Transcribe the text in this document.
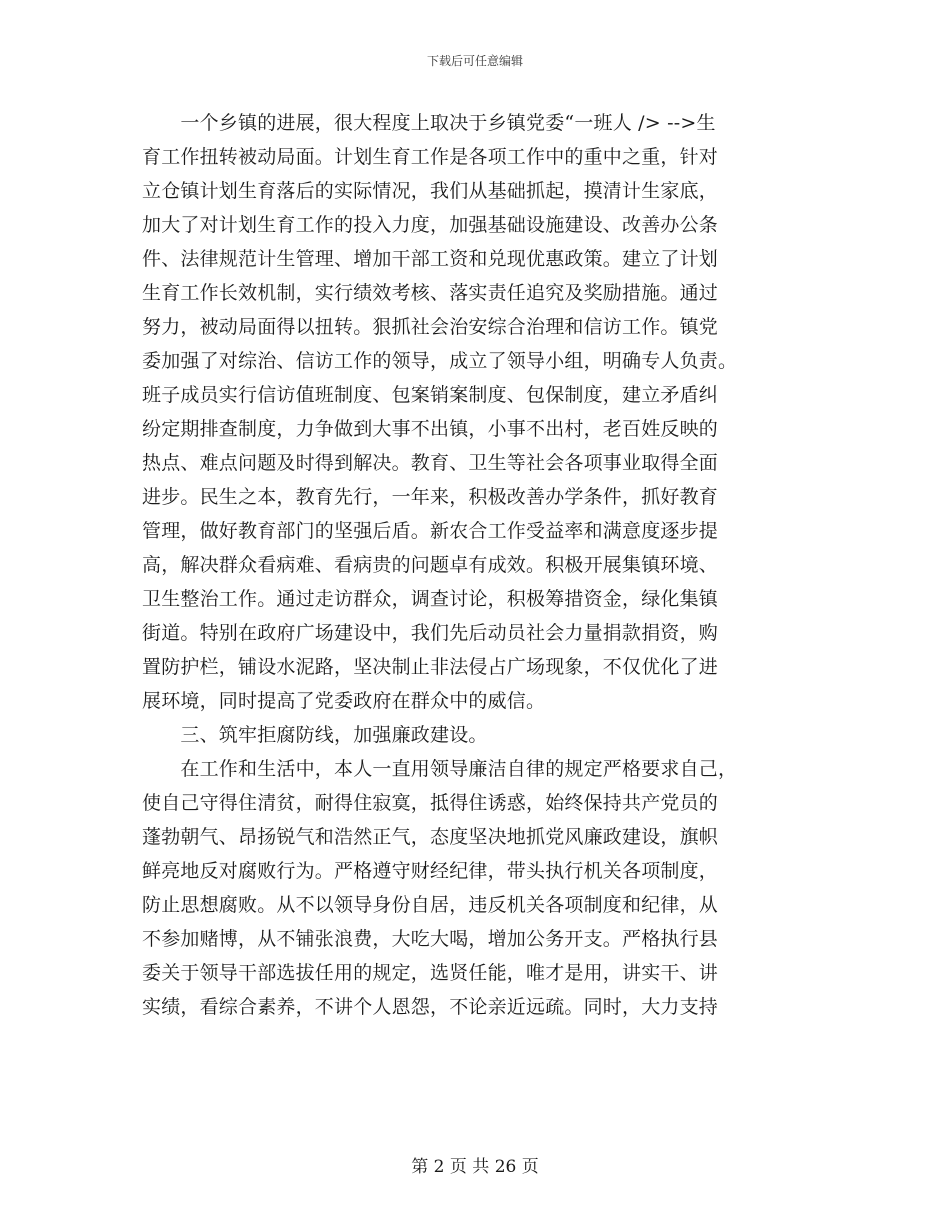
下载后可任意编辑
　　一个乡镇的进展，很大程度上取决于乡镇党委“一班人 /> -->生
育工作扭转被动局面。计划生育工作是各项工作中的重中之重，针对
立仓镇计划生育落后的实际情况，我们从基础抓起，摸清计生家底，
加大了对计划生育工作的投入力度，加强基础设施建设、改善办公条
件、法律规范计生管理、增加干部工资和兑现优惠政策。建立了计划
生育工作长效机制，实行绩效考核、落实责任追究及奖励措施。通过
努力，被动局面得以扭转。狠抓社会治安综合治理和信访工作。镇党
委加强了对综治、信访工作的领导，成立了领导小组，明确专人负责。
班子成员实行信访值班制度、包案销案制度、包保制度，建立矛盾纠
纷定期排查制度，力争做到大事不出镇，小事不出村，老百姓反映的
热点、难点问题及时得到解决。教育、卫生等社会各项事业取得全面
进步。民生之本，教育先行，一年来，积极改善办学条件，抓好教育
管理，做好教育部门的坚强后盾。新农合工作受益率和满意度逐步提
高，解决群众看病难、看病贵的问题卓有成效。积极开展集镇环境、
卫生整治工作。通过走访群众，调查讨论，积极筹措资金，绿化集镇
街道。特别在政府广场建设中，我们先后动员社会力量捐款捐资，购
置防护栏，铺设水泥路，坚决制止非法侵占广场现象，不仅优化了进
展环境，同时提高了党委政府在群众中的威信。
　　三、筑牢拒腐防线，加强廉政建设。
　　在工作和生活中，本人一直用领导廉洁自律的规定严格要求自己，
使自己守得住清贫，耐得住寂寞，抵得住诱惑，始终保持共产党员的
蓬勃朝气、昂扬锐气和浩然正气，态度坚决地抓党风廉政建设，旗帜
鲜亮地反对腐败行为。严格遵守财经纪律，带头执行机关各项制度，
防止思想腐败。从不以领导身份自居，违反机关各项制度和纪律，从
不参加赌博，从不铺张浪费，大吃大喝，增加公务开支。严格执行县
委关于领导干部选拔任用的规定，选贤任能，唯才是用，讲实干、讲
实绩，看综合素养，不讲个人恩怨，不论亲近远疏。同时，大力支持
第 2 页 共 26 页
